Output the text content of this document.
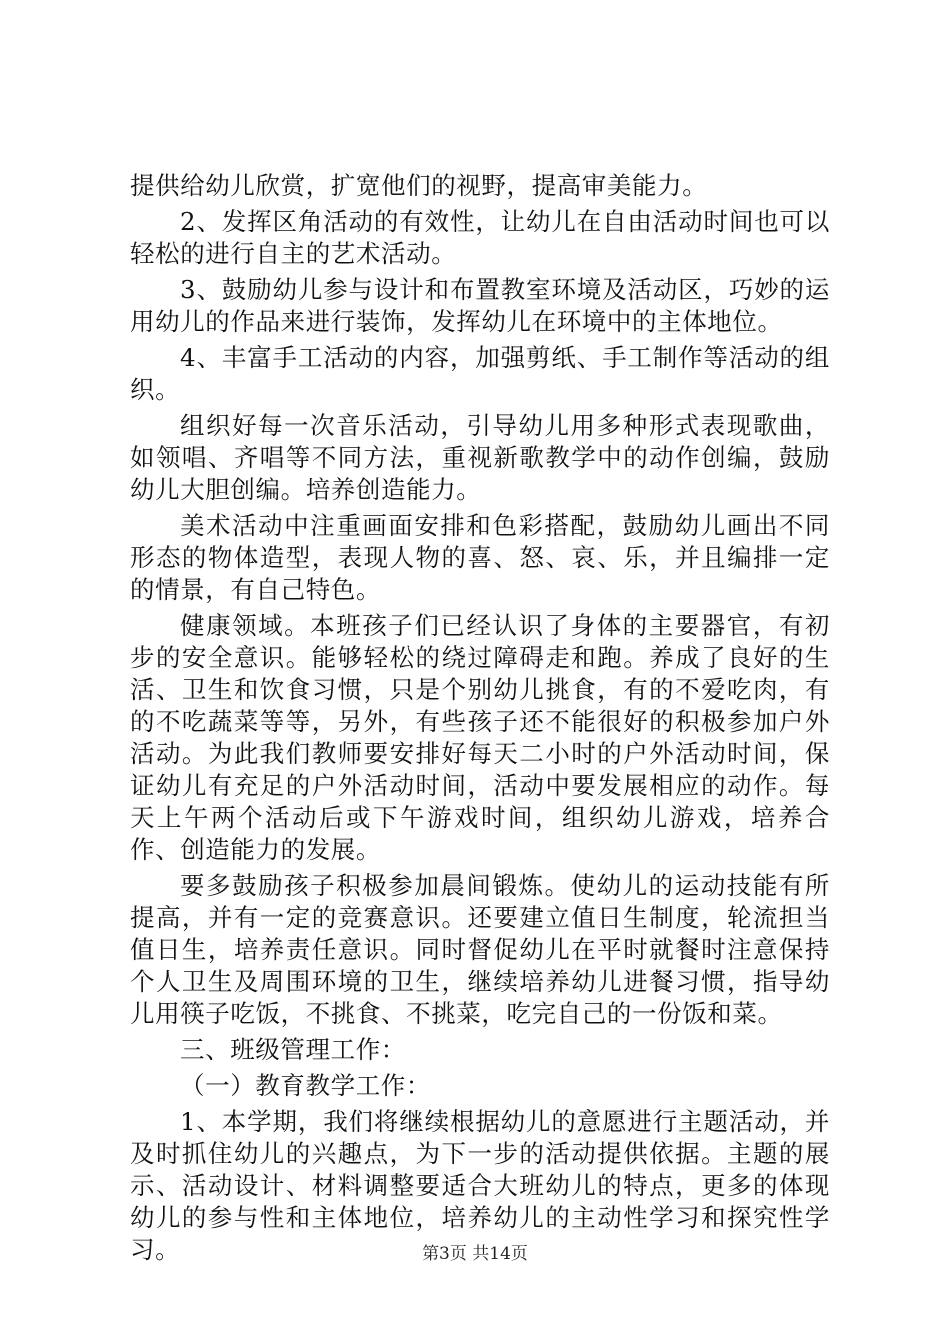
提供给幼儿欣赏，扩宽他们的视野，提高审美能力。

2、发挥区角活动的有效性，让幼儿在自由活动时间也可以轻松的进行自主的艺术活动。

3、鼓励幼儿参与设计和布置教室环境及活动区，巧妙的运用幼儿的作品来进行装饰，发挥幼儿在环境中的主体地位。

4、丰富手工活动的内容，加强剪纸、手工制作等活动的组织。

组织好每一次音乐活动，引导幼儿用多种形式表现歌曲，如领唱、齐唱等不同方法，重视新歌教学中的动作创编，鼓励幼儿大胆创编。培养创造能力。

美术活动中注重画面安排和色彩搭配，鼓励幼儿画出不同形态的物体造型，表现人物的喜、怒、哀、乐，并且编排一定的情景，有自己特色。

健康领域。本班孩子们已经认识了身体的主要器官，有初步的安全意识。能够轻松的绕过障碍走和跑。养成了良好的生活、卫生和饮食习惯，只是个别幼儿挑食，有的不爱吃肉，有的不吃蔬菜等等，另外，有些孩子还不能很好的积极参加户外活动。为此我们教师要安排好每天二小时的户外活动时间，保证幼儿有充足的户外活动时间，活动中要发展相应的动作。每天上午两个活动后或下午游戏时间，组织幼儿游戏，培养合作、创造能力的发展。

要多鼓励孩子积极参加晨间锻炼。使幼儿的运动技能有所提高，并有一定的竞赛意识。还要建立值日生制度，轮流担当值日生，培养责任意识。同时督促幼儿在平时就餐时注意保持个人卫生及周围环境的卫生，继续培养幼儿进餐习惯，指导幼儿用筷子吃饭，不挑食、不挑菜，吃完自己的一份饭和菜。

三、班级管理工作：

（一）教育教学工作：

1、本学期，我们将继续根据幼儿的意愿进行主题活动，并及时抓住幼儿的兴趣点，为下一步的活动提供依据。主题的展示、活动设计、材料调整要适合大班幼儿的特点，更多的体现幼儿的参与性和主体地位，培养幼儿的主动性学习和探究性学习。	第3页 共14页
